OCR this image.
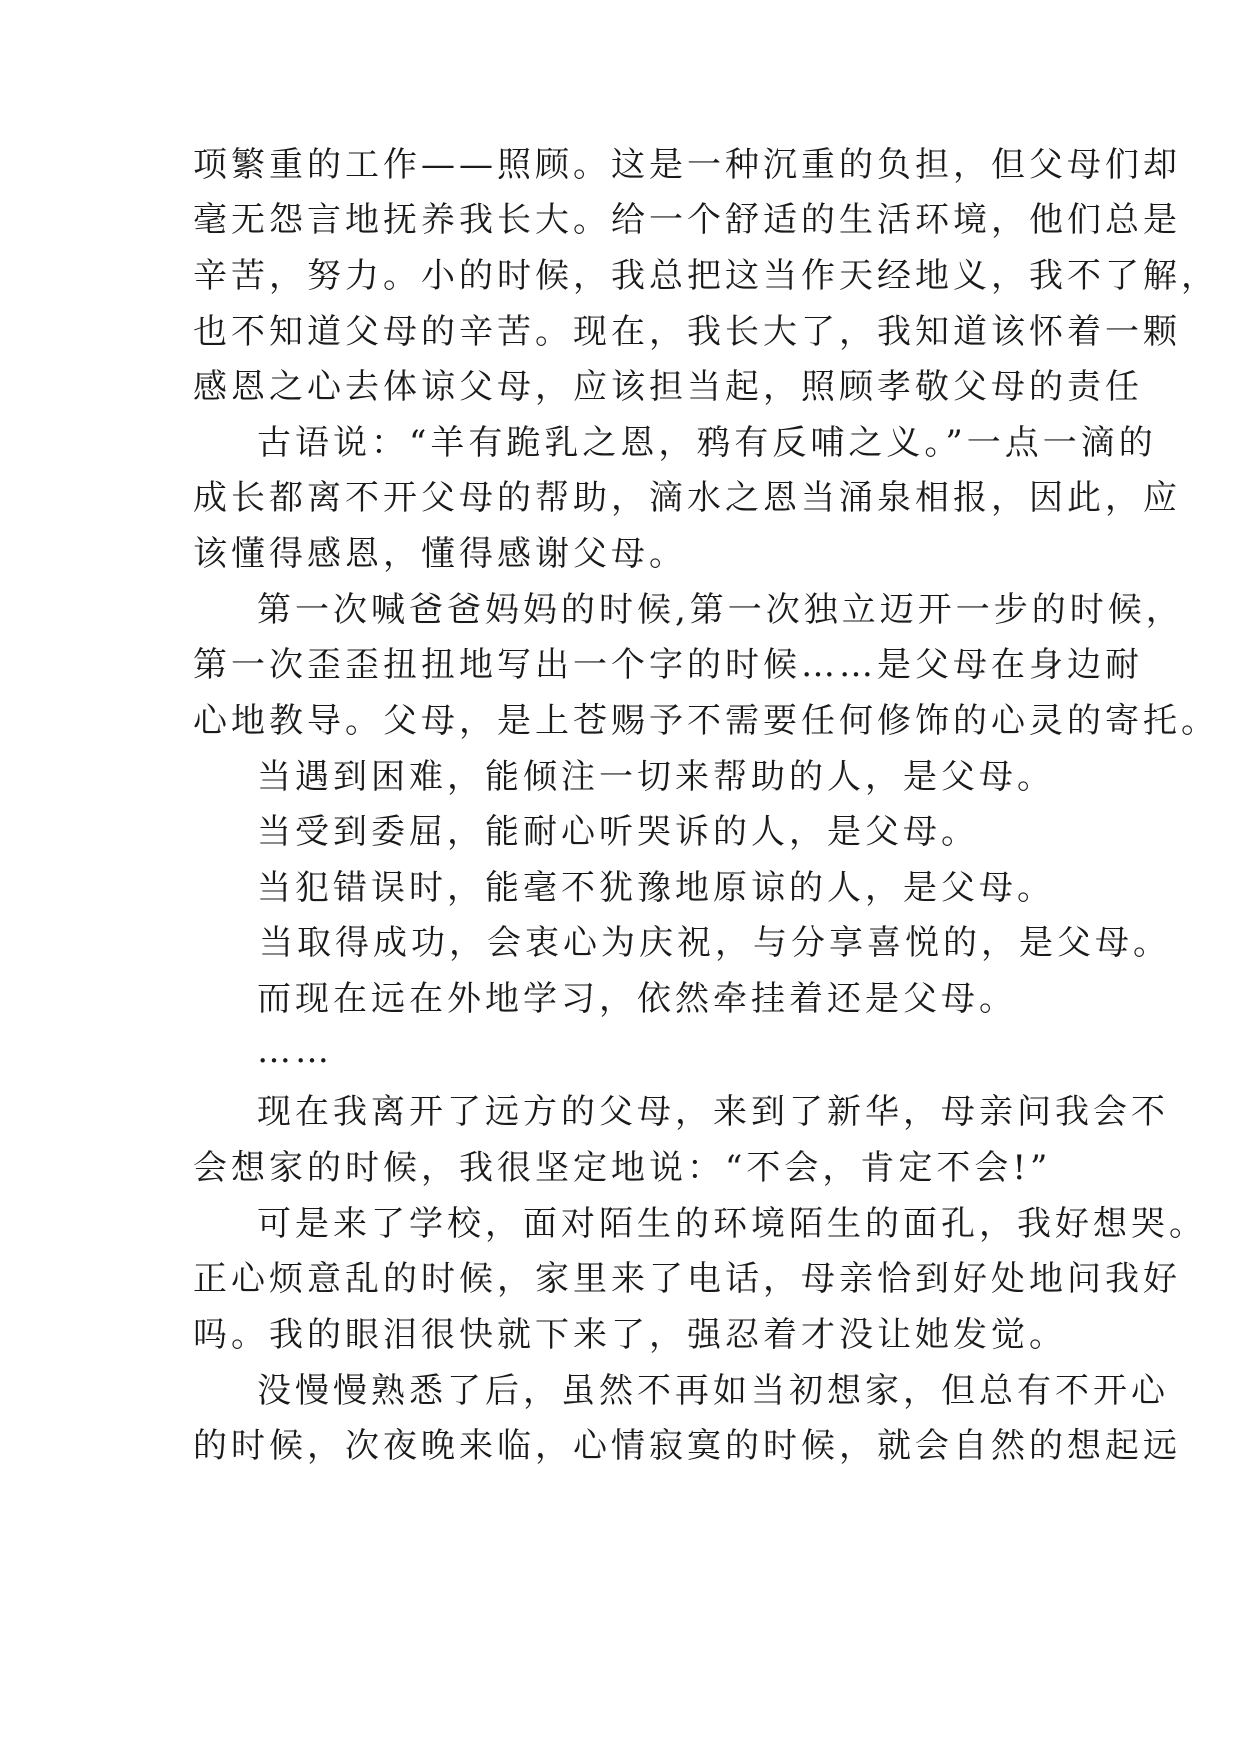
项繁重的工作——照顾。这是一种沉重的负担，但父母们却
毫无怨言地抚养我长大。给一个舒适的生活环境，他们总是
辛苦，努力。小的时候，我总把这当作天经地义，我不了解，
也不知道父母的辛苦。现在，我长大了，我知道该怀着一颗
感恩之心去体谅父母，应该担当起，照顾孝敬父母的责任
古语说：“羊有跪乳之恩，鸦有反哺之义。”一点一滴的
成长都离不开父母的帮助，滴水之恩当涌泉相报，因此，应
该懂得感恩，懂得感谢父母。
第一次喊爸爸妈妈的时候,第一次独立迈开一步的时候，
第一次歪歪扭扭地写出一个字的时候……是父母在身边耐
心地教导。父母，是上苍赐予不需要任何修饰的心灵的寄托。
当遇到困难，能倾注一切来帮助的人，是父母。
当受到委屈，能耐心听哭诉的人，是父母。
当犯错误时，能毫不犹豫地原谅的人，是父母。
当取得成功，会衷心为庆祝，与分享喜悦的，是父母。
而现在远在外地学习，依然牵挂着还是父母。
……
现在我离开了远方的父母，来到了新华，母亲问我会不
会想家的时候，我很坚定地说：“不会，肯定不会!”
可是来了学校，面对陌生的环境陌生的面孔，我好想哭。
正心烦意乱的时候，家里来了电话，母亲恰到好处地问我好
吗。我的眼泪很快就下来了，强忍着才没让她发觉。
没慢慢熟悉了后，虽然不再如当初想家，但总有不开心
的时候，次夜晚来临，心情寂寞的时候，就会自然的想起远
